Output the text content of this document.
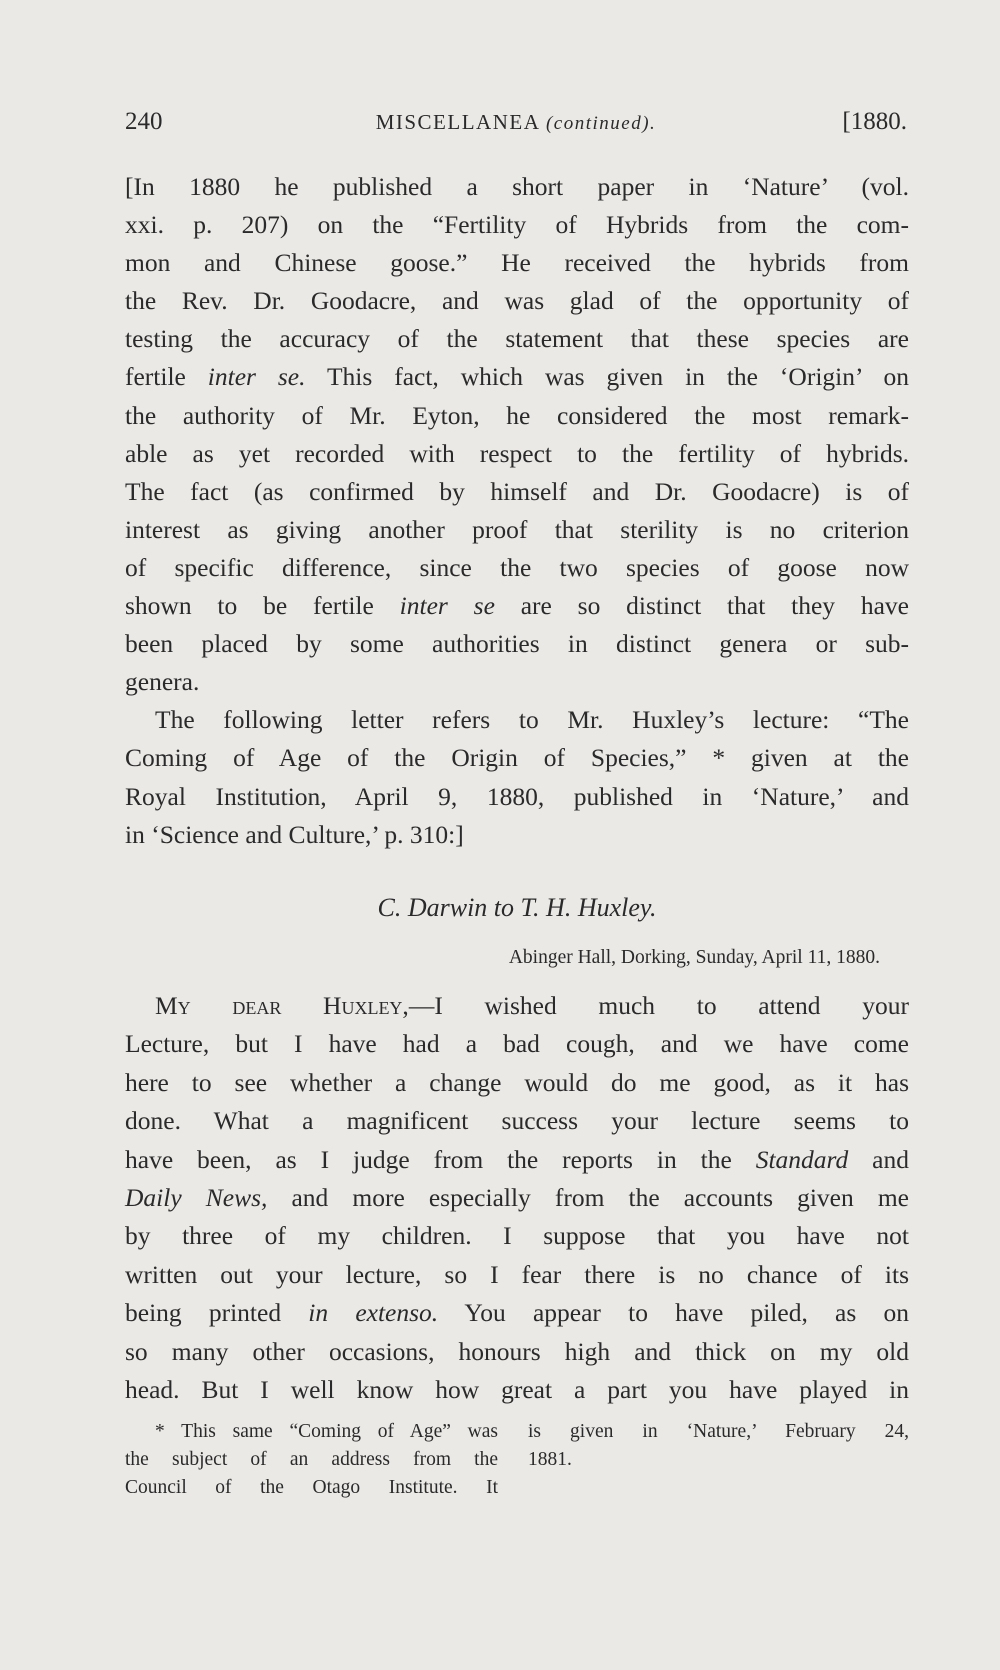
240	MISCELLANEA (continued).	[1880.
[In 1880 he published a short paper in ‘Nature’ (vol.
xxi. p. 207) on the “Fertility of Hybrids from the com-
mon and Chinese goose.” He received the hybrids from
the Rev. Dr. Goodacre, and was glad of the opportunity of
testing the accuracy of the statement that these species are
fertile inter se. This fact, which was given in the ‘Origin’ on
the authority of Mr. Eyton, he considered the most remark-
able as yet recorded with respect to the fertility of hybrids.
The fact (as confirmed by himself and Dr. Goodacre) is of
interest as giving another proof that sterility is no criterion
of specific difference, since the two species of goose now
shown to be fertile inter se are so distinct that they have
been placed by some authorities in distinct genera or sub-
genera.
The following letter refers to Mr. Huxley’s lecture: “The
Coming of Age of the Origin of Species,” * given at the
Royal Institution, April 9, 1880, published in ‘Nature,’ and
in ‘Science and Culture,’ p. 310:]
C. Darwin to T. H. Huxley.
Abinger Hall, Dorking, Sunday, April 11, 1880.
My dear Huxley,—I wished much to attend your
Lecture, but I have had a bad cough, and we have come
here to see whether a change would do me good, as it has
done. What a magnificent success your lecture seems to
have been, as I judge from the reports in the Standard and
Daily News, and more especially from the accounts given me
by three of my children. I suppose that you have not
written out your lecture, so I fear there is no chance of its
being printed in extenso. You appear to have piled, as on
so many other occasions, honours high and thick on my old
head. But I well know how great a part you have played in
* This same “Coming of Age” was
the subject of an address from the
Council of the Otago Institute. It
is given in ‘Nature,’ February 24,
1881.
